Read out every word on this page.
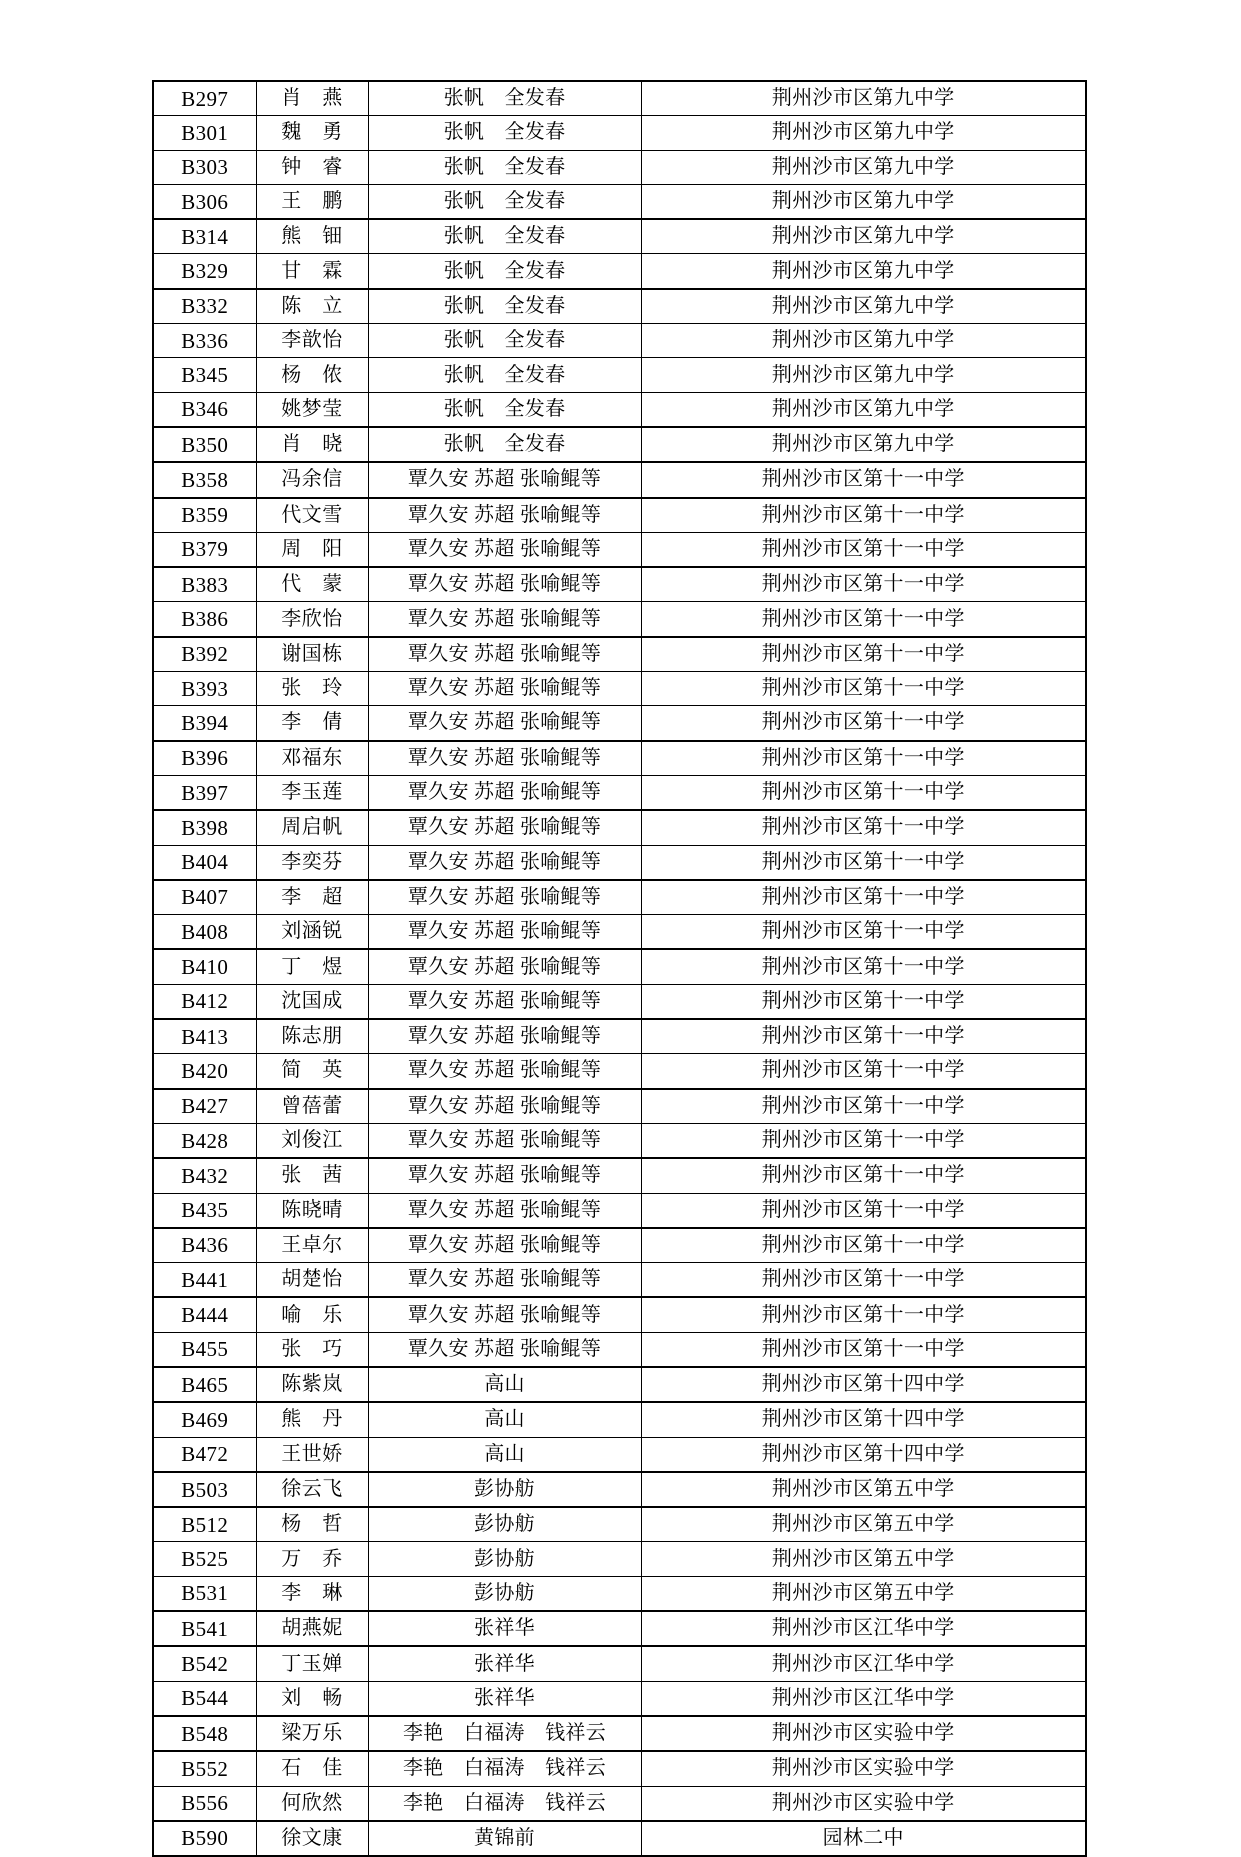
B297	肖　燕	张帆　全发春	荆州沙市区第九中学
B301	魏　勇	张帆　全发春	荆州沙市区第九中学
B303	钟　睿	张帆　全发春	荆州沙市区第九中学
B306	王　鹏	张帆　全发春	荆州沙市区第九中学
B314	熊　钿	张帆　全发春	荆州沙市区第九中学
B329	甘　霖	张帆　全发春	荆州沙市区第九中学
B332	陈　立	张帆　全发春	荆州沙市区第九中学
B336	李歆怡	张帆　全发春	荆州沙市区第九中学
B345	杨　侬	张帆　全发春	荆州沙市区第九中学
B346	姚梦莹	张帆　全发春	荆州沙市区第九中学
B350	肖　晓	张帆　全发春	荆州沙市区第九中学
B358	冯余信	覃久安 苏超 张喻鲲等	荆州沙市区第十一中学
B359	代文雪	覃久安 苏超 张喻鲲等	荆州沙市区第十一中学
B379	周　阳	覃久安 苏超 张喻鲲等	荆州沙市区第十一中学
B383	代　蒙	覃久安 苏超 张喻鲲等	荆州沙市区第十一中学
B386	李欣怡	覃久安 苏超 张喻鲲等	荆州沙市区第十一中学
B392	谢国栋	覃久安 苏超 张喻鲲等	荆州沙市区第十一中学
B393	张　玲	覃久安 苏超 张喻鲲等	荆州沙市区第十一中学
B394	李　倩	覃久安 苏超 张喻鲲等	荆州沙市区第十一中学
B396	邓福东	覃久安 苏超 张喻鲲等	荆州沙市区第十一中学
B397	李玉莲	覃久安 苏超 张喻鲲等	荆州沙市区第十一中学
B398	周启帆	覃久安 苏超 张喻鲲等	荆州沙市区第十一中学
B404	李奕芬	覃久安 苏超 张喻鲲等	荆州沙市区第十一中学
B407	李　超	覃久安 苏超 张喻鲲等	荆州沙市区第十一中学
B408	刘涵锐	覃久安 苏超 张喻鲲等	荆州沙市区第十一中学
B410	丁　煜	覃久安 苏超 张喻鲲等	荆州沙市区第十一中学
B412	沈国成	覃久安 苏超 张喻鲲等	荆州沙市区第十一中学
B413	陈志朋	覃久安 苏超 张喻鲲等	荆州沙市区第十一中学
B420	简　英	覃久安 苏超 张喻鲲等	荆州沙市区第十一中学
B427	曾蓓蕾	覃久安 苏超 张喻鲲等	荆州沙市区第十一中学
B428	刘俊江	覃久安 苏超 张喻鲲等	荆州沙市区第十一中学
B432	张　茜	覃久安 苏超 张喻鲲等	荆州沙市区第十一中学
B435	陈晓晴	覃久安 苏超 张喻鲲等	荆州沙市区第十一中学
B436	王卓尔	覃久安 苏超 张喻鲲等	荆州沙市区第十一中学
B441	胡楚怡	覃久安 苏超 张喻鲲等	荆州沙市区第十一中学
B444	喻　乐	覃久安 苏超 张喻鲲等	荆州沙市区第十一中学
B455	张　巧	覃久安 苏超 张喻鲲等	荆州沙市区第十一中学
B465	陈紫岚	高山	荆州沙市区第十四中学
B469	熊　丹	高山	荆州沙市区第十四中学
B472	王世娇	高山	荆州沙市区第十四中学
B503	徐云飞	彭协舫	荆州沙市区第五中学
B512	杨　哲	彭协舫	荆州沙市区第五中学
B525	万　乔	彭协舫	荆州沙市区第五中学
B531	李　琳	彭协舫	荆州沙市区第五中学
B541	胡燕妮	张祥华	荆州沙市区江华中学
B542	丁玉婵	张祥华	荆州沙市区江华中学
B544	刘　畅	张祥华	荆州沙市区江华中学
B548	梁万乐	李艳　白福涛　钱祥云	荆州沙市区实验中学
B552	石　佳	李艳　白福涛　钱祥云	荆州沙市区实验中学
B556	何欣然	李艳　白福涛　钱祥云	荆州沙市区实验中学
B590	徐文康	黄锦前	园林二中
